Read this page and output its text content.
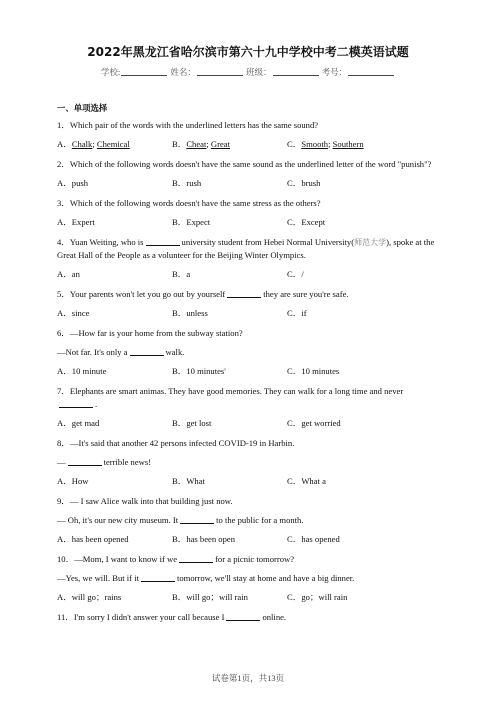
2022年黑龙江省哈尔滨市第六十九中学校中考二模英语试题
学校:	姓名：	班级：	考号：
一、单项选择
1．Which pair of the words with the underlined letters has the same sound?
A．Chalk; Chemical	B．Cheat; Great	C．Smooth; Southern
2．Which of the following words doesn't have the same sound as the underlined letter of the word "punish"?
A．push	B．rush	C．brush
3．Which of the following words doesn't have the same stress as the others?
A．Expert	B．Expect	C．Except
4．Yuan Weiting, who is	university student from Hebei Normal University(师范大学), spoke at the Great Hall of the People as a volunteer for the Beijing Winter Olympics.
A．an	B．a	C．/
5．Your parents won't let you go out by yourself	they are sure you're safe.
A．since	B．unless	C．if
6．—How far is your home from the subway station?
—Not far. It's only a	walk.
A．10 minute	B．10 minutes'	C．10 minutes
7．Elephants are smart animas. They have good memories. They can walk for a long time and never.
A．get mad	B．get lost	C．get worried
8．—It's said that another 42 persons infected COVID-19 in Harbin.
—	terrible news!
A．How	B．What	C．What a
9．— I saw Alice walk into that building just now.
— Oh, it's our new city museum. It	to the public for a month.
A．has been opened	B．has been open	C．has opened
10．—Mom, I want to know if we	for a picnic tomorrow?
—Yes, we will. But if it	tomorrow, we'll stay at home and have a big dinner.
A．will go；rains	B．will go；will rain	C．go；will rain
11．I'm sorry I didn't answer your call because I	online.
试卷第1页，共13页
